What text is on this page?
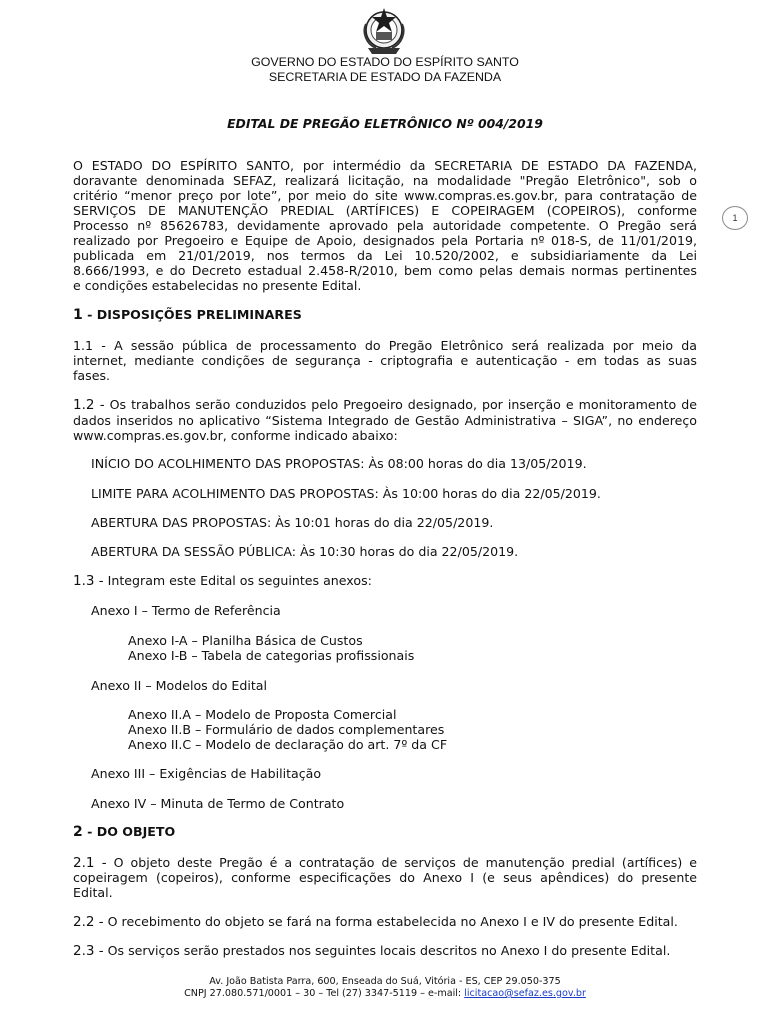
GOVERNO DO ESTADO DO ESPÍRITO SANTO
SECRETARIA DE ESTADO DA FAZENDA
EDITAL DE PREGÃO ELETRÔNICO Nº 004/2019
1
O ESTADO DO ESPÍRITO SANTO, por intermédio da SECRETARIA DE ESTADO DA FAZENDA,
doravante denominada SEFAZ, realizará licitação, na modalidade "Pregão Eletrônico", sob o
critério “menor preço por lote”, por meio do site www.compras.es.gov.br, para contratação de
SERVIÇOS DE MANUTENÇÃO PREDIAL (ARTÍFICES) E COPEIRAGEM (COPEIROS), conforme
Processo nº 85626783, devidamente aprovado pela autoridade competente. O Pregão será
realizado por Pregoeiro e Equipe de Apoio, designados pela Portaria nº 018-S, de 11/01/2019,
publicada em 21/01/2019, nos termos da Lei 10.520/2002, e subsidiariamente da Lei
8.666/1993, e do Decreto estadual 2.458-R/2010, bem como pelas demais normas pertinentes
e condições estabelecidas no presente Edital.
1 - DISPOSIÇÕES PRELIMINARES
1.1 - A sessão pública de processamento do Pregão Eletrônico será realizada por meio da
internet, mediante condições de segurança - criptografia e autenticação - em todas as suas
fases.
1.2 - Os trabalhos serão conduzidos pelo Pregoeiro designado, por inserção e monitoramento de
dados inseridos no aplicativo “Sistema Integrado de Gestão Administrativa – SIGA”, no endereço
www.compras.es.gov.br, conforme indicado abaixo:
INÍCIO DO ACOLHIMENTO DAS PROPOSTAS: Às 08:00 horas do dia 13/05/2019.
LIMITE PARA ACOLHIMENTO DAS PROPOSTAS: Às 10:00 horas do dia 22/05/2019.
ABERTURA DAS PROPOSTAS: Às 10:01 horas do dia 22/05/2019.
ABERTURA DA SESSÃO PÚBLICA: Às 10:30 horas do dia 22/05/2019.
1.3 - Integram este Edital os seguintes anexos:
Anexo I – Termo de Referência
Anexo I-A – Planilha Básica de Custos
Anexo I-B – Tabela de categorias profissionais
Anexo II – Modelos do Edital
Anexo II.A – Modelo de Proposta Comercial
Anexo II.B – Formulário de dados complementares
Anexo II.C – Modelo de declaração do art. 7º da CF
Anexo III – Exigências de Habilitação
Anexo IV – Minuta de Termo de Contrato
2 - DO OBJETO
2.1 - O objeto deste Pregão é a contratação de serviços de manutenção predial (artífices) e
copeiragem (copeiros), conforme especificações do Anexo I (e seus apêndices) do presente
Edital.
2.2 - O recebimento do objeto se fará na forma estabelecida no Anexo I e IV do presente Edital.
2.3 - Os serviços serão prestados nos seguintes locais descritos no Anexo I do presente Edital.
Av. João Batista Parra, 600, Enseada do Suá, Vitória - ES, CEP 29.050-375
CNPJ 27.080.571/0001 – 30 – Tel (27) 3347-5119 – e-mail: licitacao@sefaz.es.gov.br
